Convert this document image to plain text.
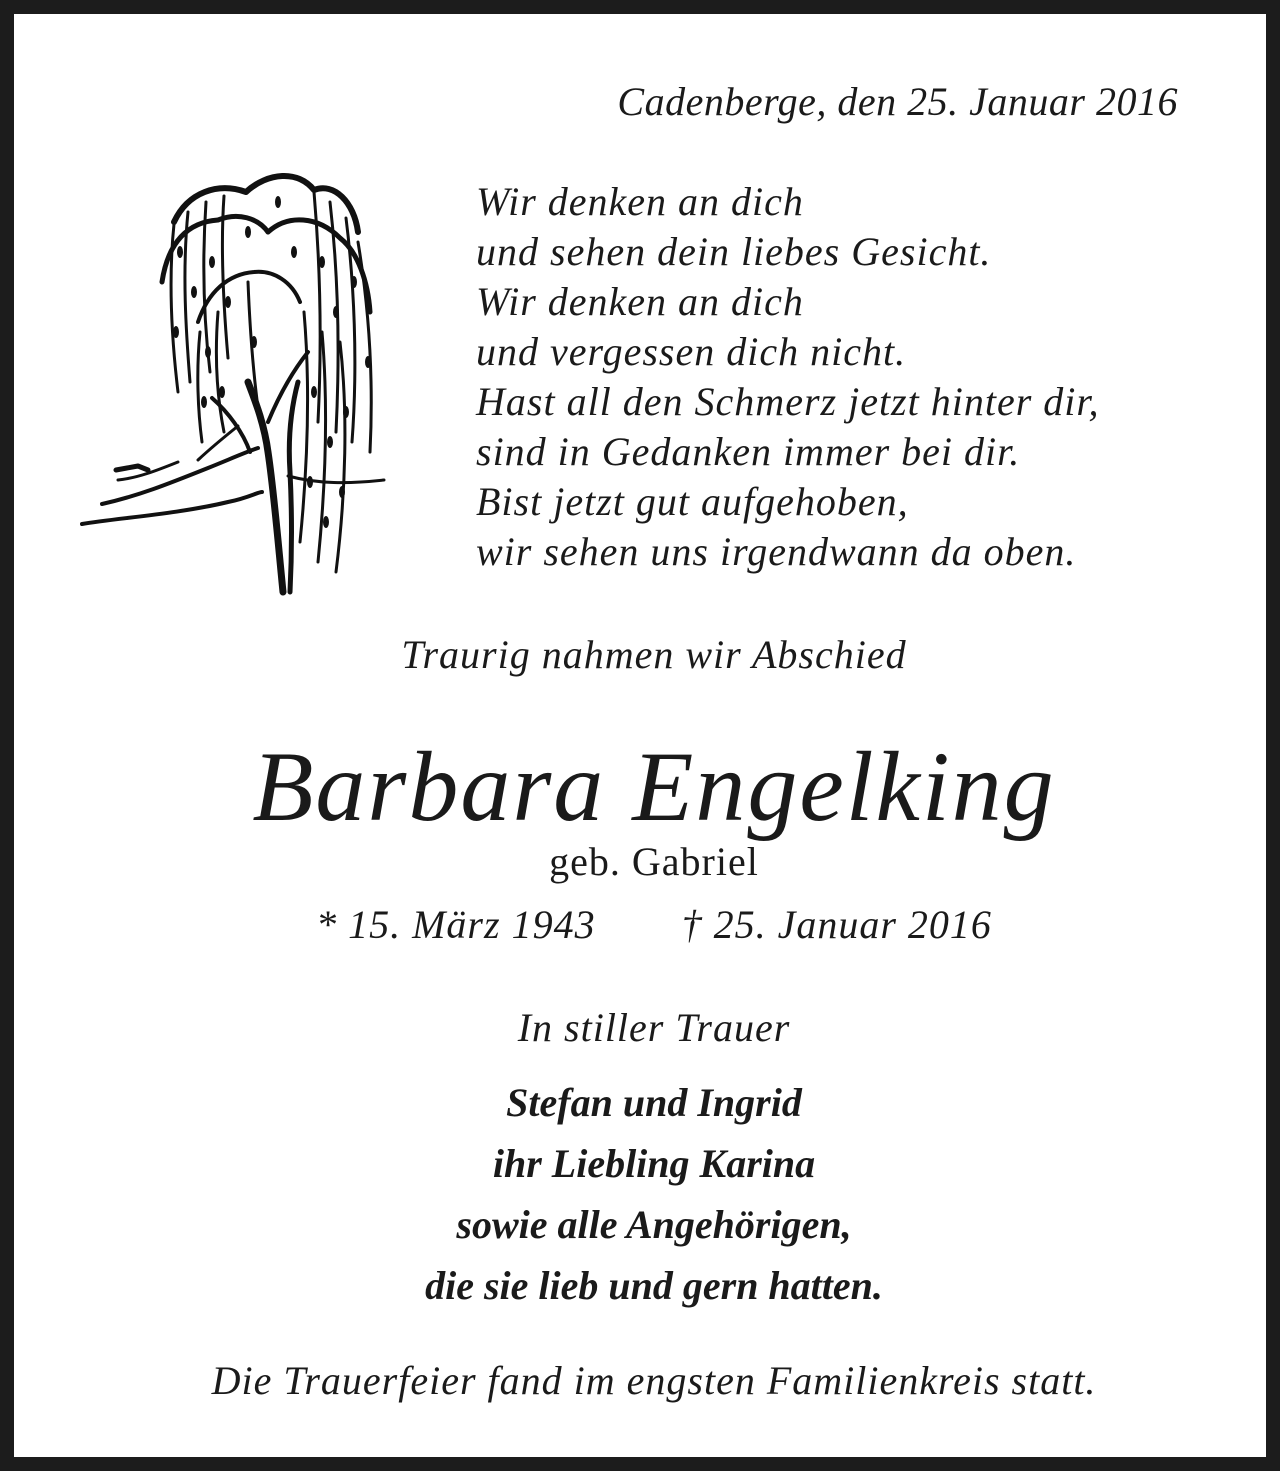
Cadenberge, den 25. Januar 2016
Wir denken an dich
und sehen dein liebes Gesicht.
Wir denken an dich
und vergessen dich nicht.
Hast all den Schmerz jetzt hinter dir,
sind in Gedanken immer bei dir.
Bist jetzt gut aufgehoben,
wir sehen uns irgendwann da oben.
Traurig nahmen wir Abschied
Barbara Engelking
geb. Gabriel
* 15. März 1943 † 25. Januar 2016
In stiller Trauer
Stefan und Ingrid
ihr Liebling Karina
sowie alle Angehörigen,
die sie lieb und gern hatten.
Die Trauerfeier fand im engsten Familienkreis statt.
